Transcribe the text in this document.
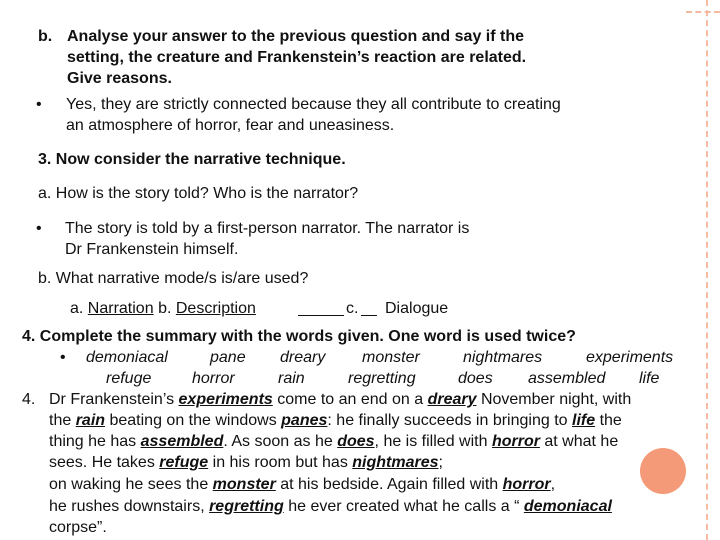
b. Analyse your answer to the previous question and say if the
setting, the creature and Frankenstein’s reaction are related.
Give reasons.
• Yes, they are strictly connected because they all contribute to creating
an atmosphere of horror, fear and uneasiness.
3. Now consider the narrative technique.
a. How is the story told? Who is the narrator?
• The story is told by a first-person narrator. The narrator is
Dr Frankenstein himself.
b. What narrative mode/s is/are used?
a. Narration b. Description	c. Dialogue
4. Complete the summary with the words given. One word is used twice?
• demoniacal	pane dreary monster	nightmares	experiments
refuge	horror	rain	regretting	does assembled life
4. Dr Frankenstein’s experiments come to an end on a dreary November night, with
the rain beating on the windows panes: he finally succeeds in bringing to life the
thing he has assembled. As soon as he does, he is filled with horror at what he
sees. He takes refuge in his room but has nightmares;
on waking he sees the monster at his bedside. Again filled with horror,
he rushes downstairs, regretting he ever created what he calls a “ demoniacal
corpse”.
